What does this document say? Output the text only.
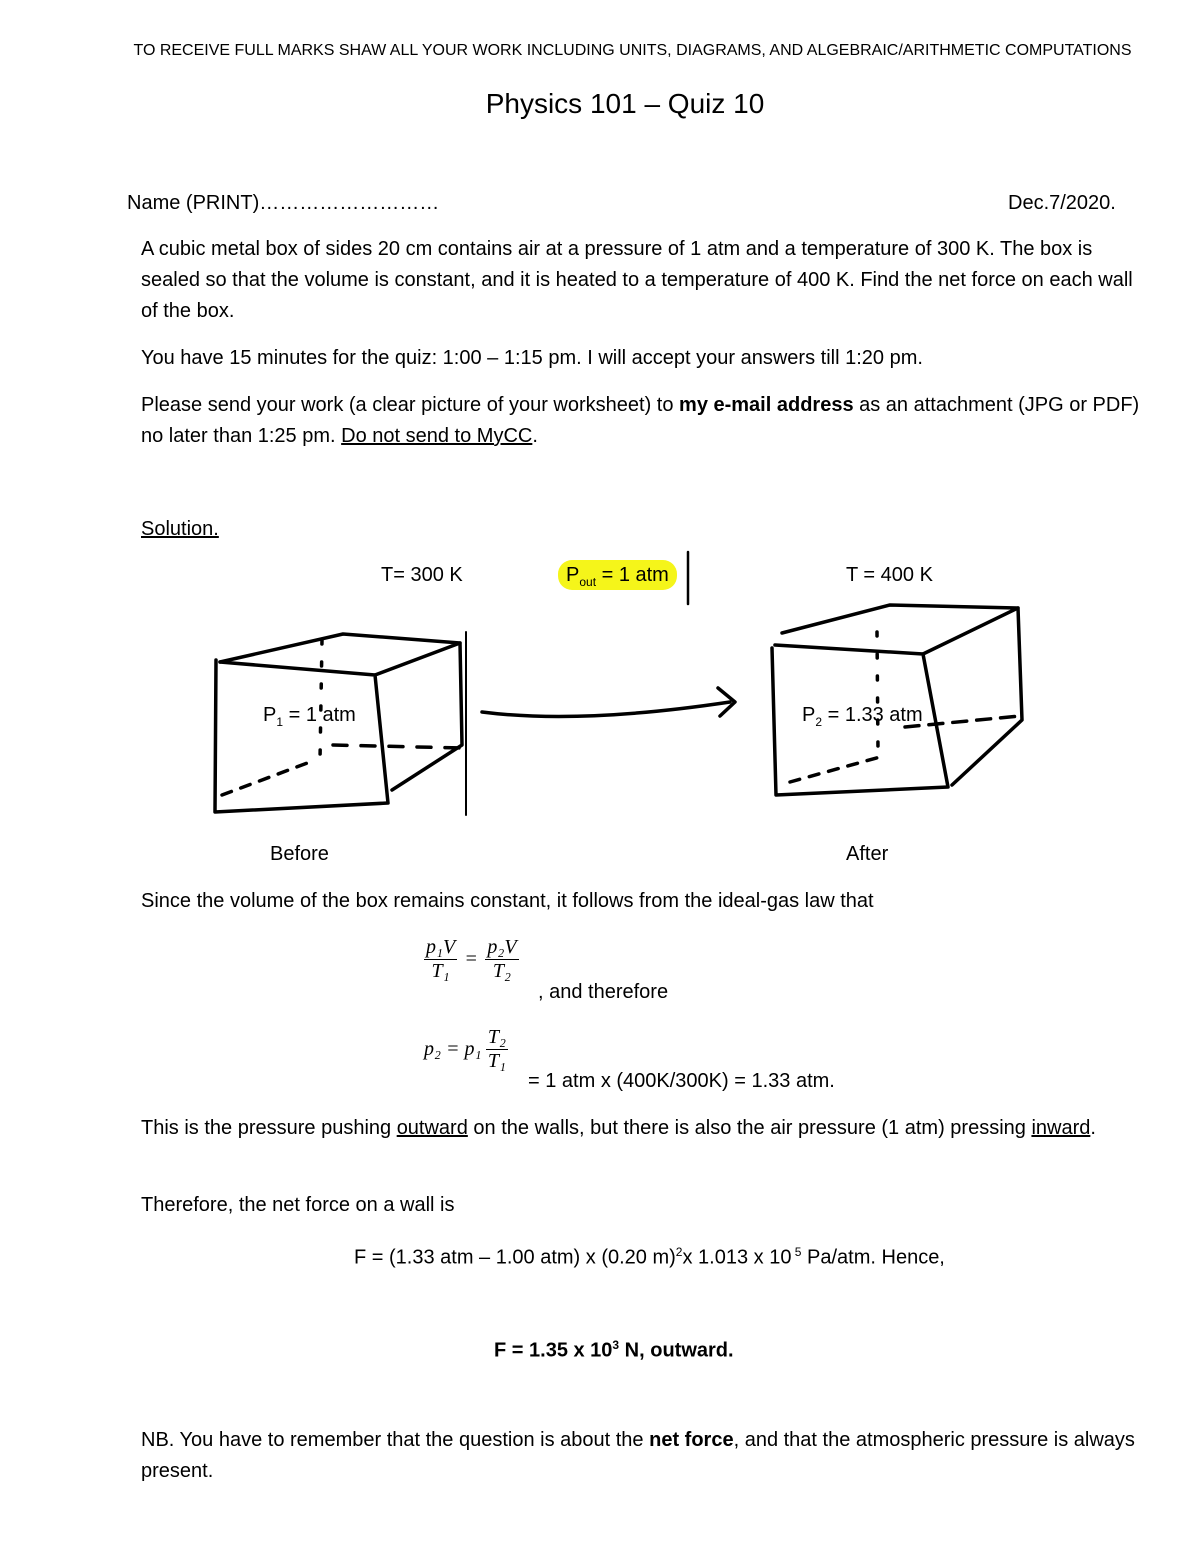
TO RECEIVE FULL MARKS SHAW ALL YOUR WORK INCLUDING UNITS, DIAGRAMS, AND ALGEBRAIC/ARITHMETIC COMPUTATIONS
Physics 101 – Quiz 10
Name (PRINT)………………………	Dec.7/2020.
A cubic metal box of sides 20 cm contains air at a pressure of 1 atm and a temperature of 300 K. The box is sealed so that the volume is constant, and it is heated to a temperature of 400 K. Find the net force on each wall of the box.
You have 15 minutes for the quiz: 1:00 – 1:15 pm. I will accept your answers till 1:20 pm.
Please send your work (a clear picture of your worksheet) to my e-mail address as an attachment (JPG or PDF) no later than 1:25 pm. Do not send to MyCC.
Solution.
T= 300 K	$P_{out} = 1$ atm	T = 400 K
$P_1 = 1$ atm	$P_2 = 1.33$ atm
Before	After
Since the volume of the box remains constant, it follows from the ideal-gas law that
$\frac{\text{p₁V}}{\text{T₁}} = \frac{\text{p₂V}}{\text{T₂}}$
, and therefore
$p_2 = p_1 \frac{\text{T₂}}{\text{T₁}}$
= 1 atm x (400K/300K) = 1.33 atm.
This is the pressure pushing outward on the walls, but there is also the air pressure (1 atm) pressing inward.
Therefore, the net force on a wall is
F = (1.33 atm – 1.00 atm) x (0.20 m)$^2$x 1.013 x 10 $^5$ Pa/atm. Hence,
F = 1.35 x $10^3$ N, outward.
NB. You have to remember that the question is about the net force, and that the atmospheric pressure is always present.
